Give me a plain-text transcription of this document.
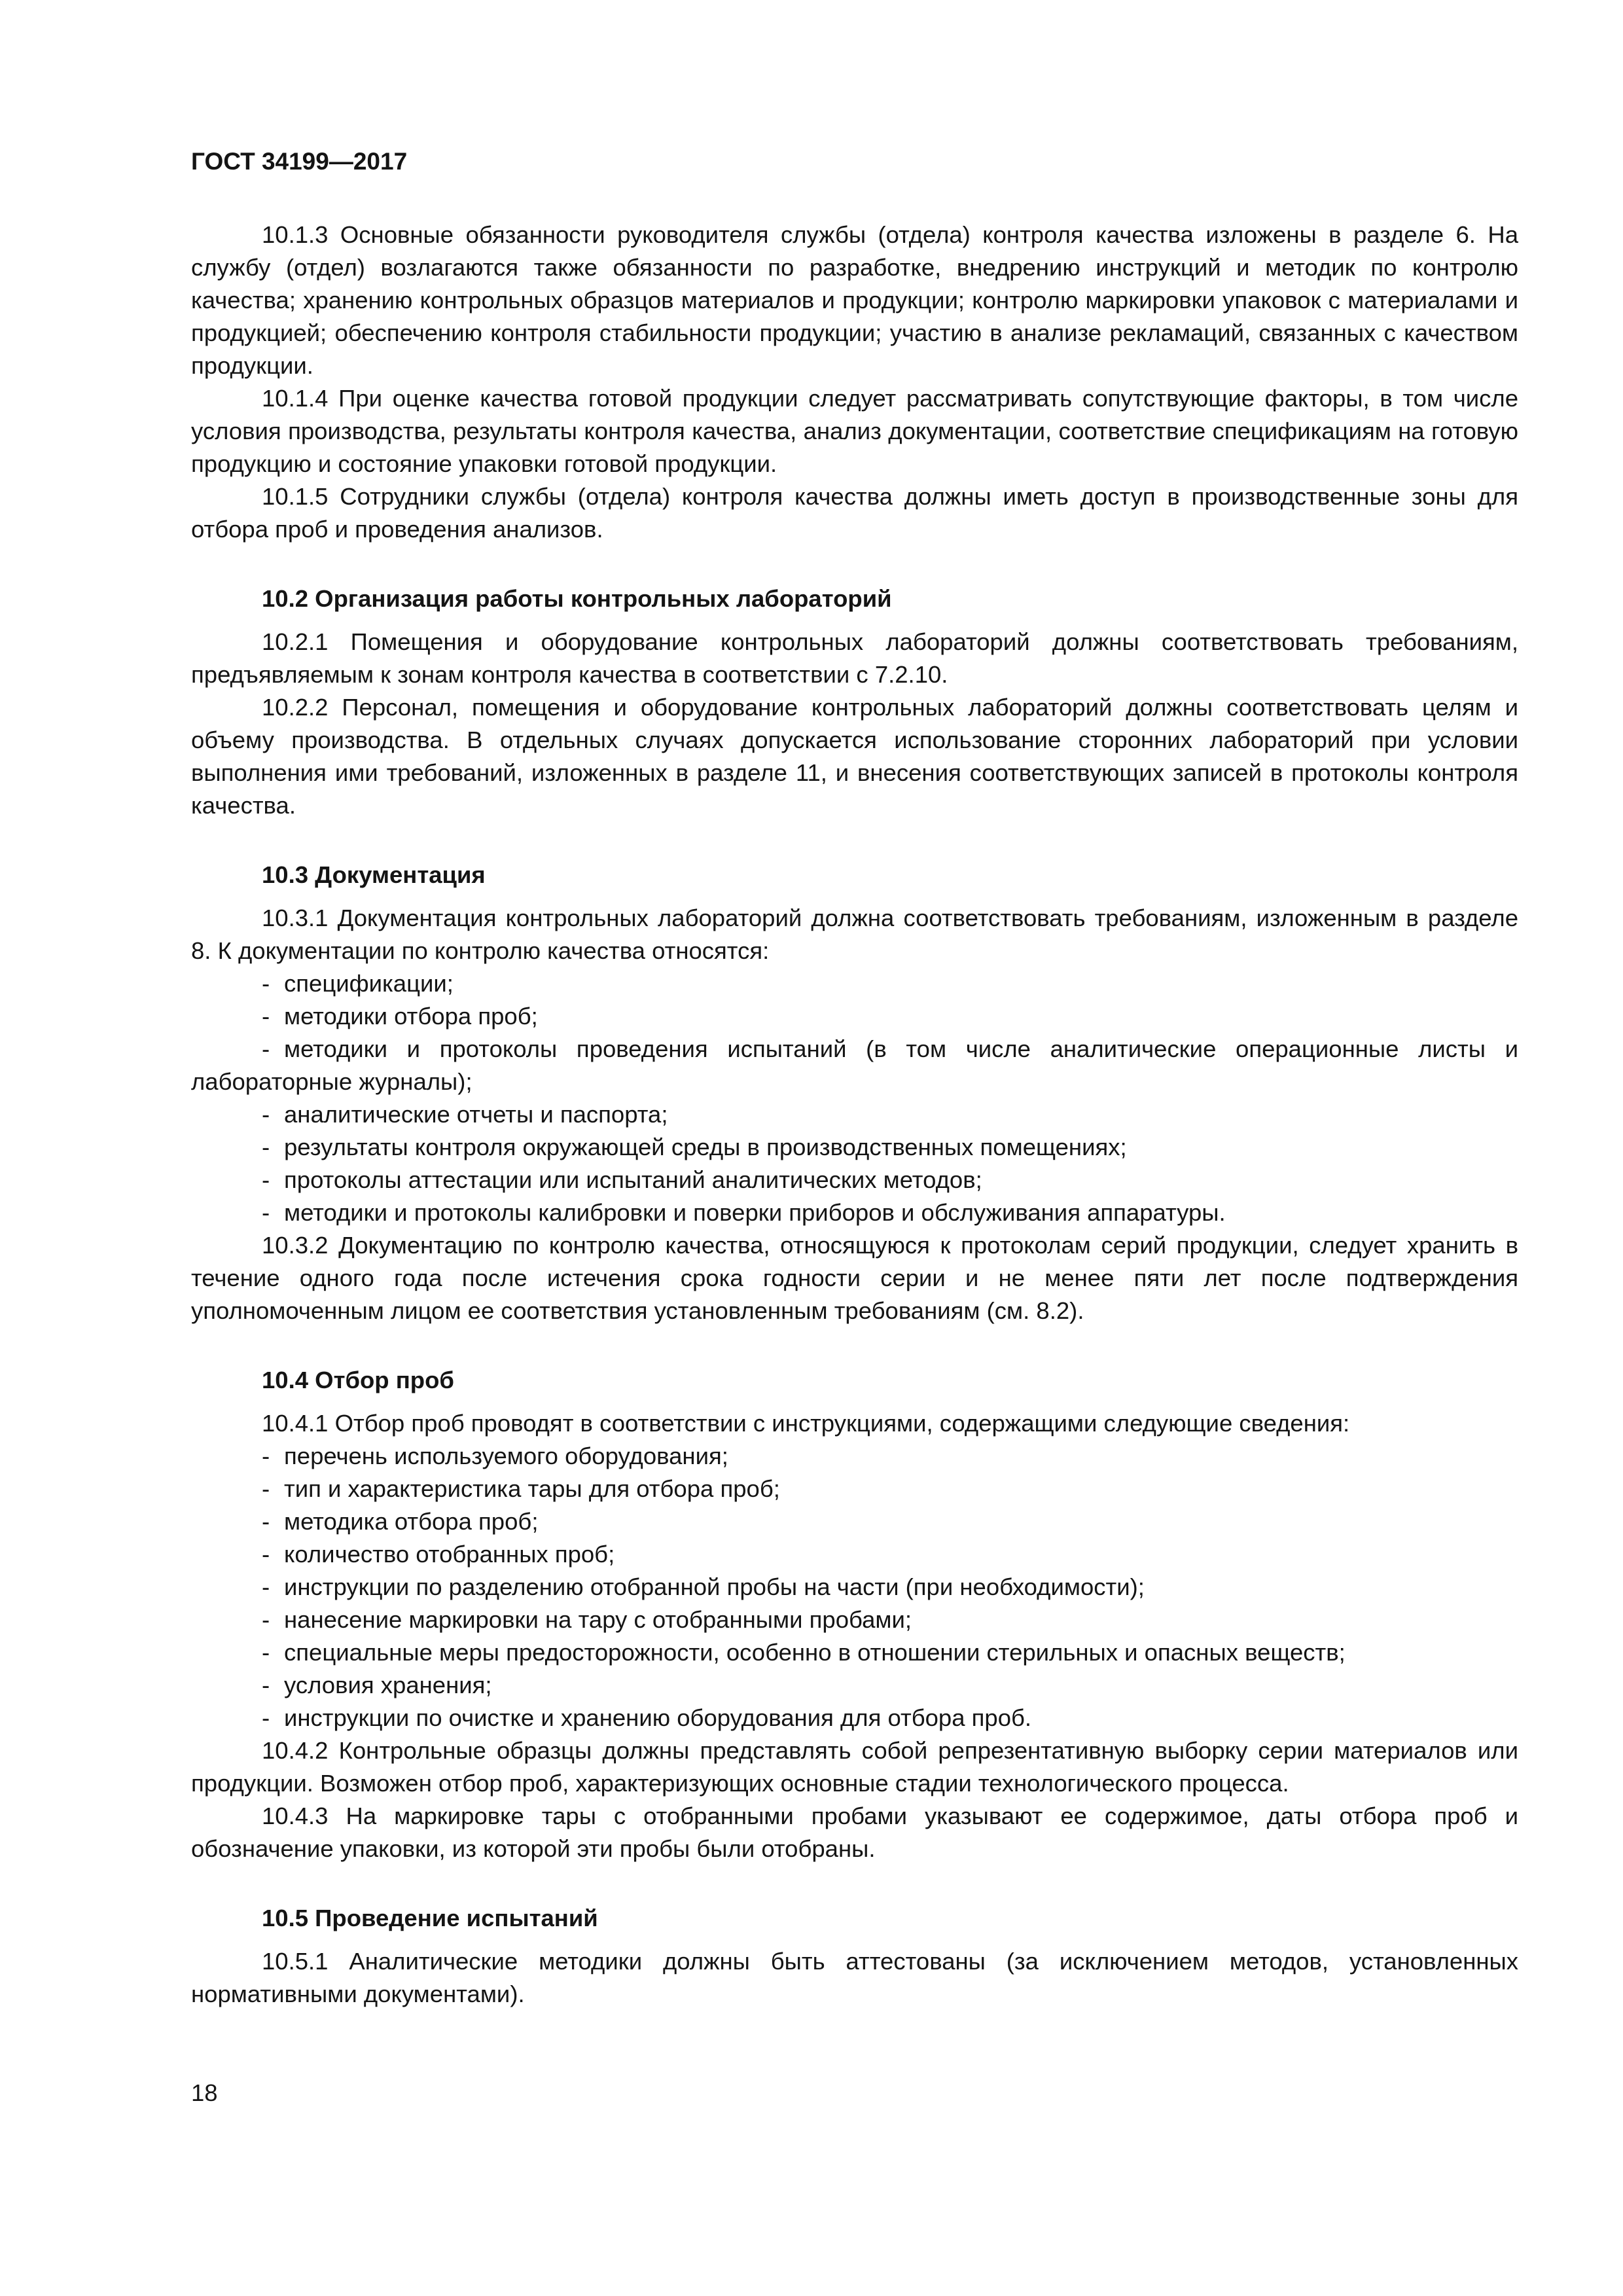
ГОСТ 34199—2017

10.1.3 Основные обязанности руководителя службы (отдела) контроля качества изложены в разделе 6. На службу (отдел) возлагаются также обязанности по разработке, внедрению инструкций и методик по контролю качества; хранению контрольных образцов материалов и продукции; контролю маркировки упаковок с материалами и продукцией; обеспечению контроля стабильности продукции; участию в анализе рекламаций, связанных с качеством продукции.

10.1.4 При оценке качества готовой продукции следует рассматривать сопутствующие факторы, в том числе условия производства, результаты контроля качества, анализ документации, соответствие спецификациям на готовую продукцию и состояние упаковки готовой продукции.

10.1.5 Сотрудники службы (отдела) контроля качества должны иметь доступ в производственные зоны для отбора проб и проведения анализов.

10.2 Организация работы контрольных лабораторий

10.2.1 Помещения и оборудование контрольных лабораторий должны соответствовать требованиям, предъявляемым к зонам контроля качества в соответствии с 7.2.10.

10.2.2 Персонал, помещения и оборудование контрольных лабораторий должны соответствовать целям и объему производства. В отдельных случаях допускается использование сторонних лабораторий при условии выполнения ими требований, изложенных в разделе 11, и внесения соответствующих записей в протоколы контроля качества.

10.3 Документация

10.3.1 Документация контрольных лабораторий должна соответствовать требованиям, изложенным в разделе 8. К документации по контролю качества относятся:

- спецификации;

- методики отбора проб;

- методики и протоколы проведения испытаний (в том числе аналитические операционные листы и лабораторные журналы);

- аналитические отчеты и паспорта;

- результаты контроля окружающей среды в производственных помещениях;

- протоколы аттестации или испытаний аналитических методов;

- методики и протоколы калибровки и поверки приборов и обслуживания аппаратуры.

10.3.2 Документацию по контролю качества, относящуюся к протоколам серий продукции, следует хранить в течение одного года после истечения срока годности серии и не менее пяти лет после подтверждения уполномоченным лицом ее соответствия установленным требованиям (см. 8.2).

10.4 Отбор проб

10.4.1 Отбор проб проводят в соответствии с инструкциями, содержащими следующие сведения:

- перечень используемого оборудования;

- тип и характеристика тары для отбора проб;

- методика отбора проб;

- количество отобранных проб;

- инструкции по разделению отобранной пробы на части (при необходимости);

- нанесение маркировки на тару с отобранными пробами;

- специальные меры предосторожности, особенно в отношении стерильных и опасных веществ;

- условия хранения;

- инструкции по очистке и хранению оборудования для отбора проб.

10.4.2 Контрольные образцы должны представлять собой репрезентативную выборку серии материалов или продукции. Возможен отбор проб, характеризующих основные стадии технологического процесса.

10.4.3 На маркировке тары с отобранными пробами указывают ее содержимое, даты отбора проб и обозначение упаковки, из которой эти пробы были отобраны.

10.5 Проведение испытаний

10.5.1 Аналитические методики должны быть аттестованы (за исключением методов, установленных нормативными документами).

18
